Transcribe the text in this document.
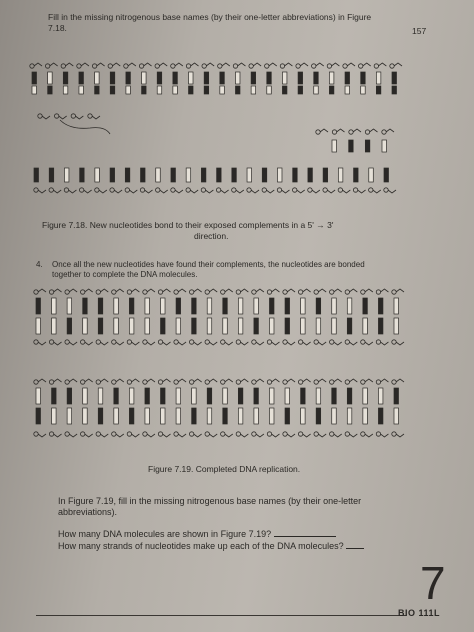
Fill in the missing nitrogenous base names (by their one-letter abbreviations) in Figure 7.18.	157
Figure 7.18. New nucleotides bond to their exposed complements in a 5' → 3'
direction.
4.	Once all the new nucleotides have found their complements, the nucleotides are bonded together to complete the DNA molecules.
Figure 7.19. Completed DNA replication.
In Figure 7.19, fill in the missing nitrogenous base names (by their one-letter abbreviations).
How many DNA molecules are shown in Figure 7.19?
How many strands of nucleotides make up each of the DNA molecules?
7
BIO 111L
